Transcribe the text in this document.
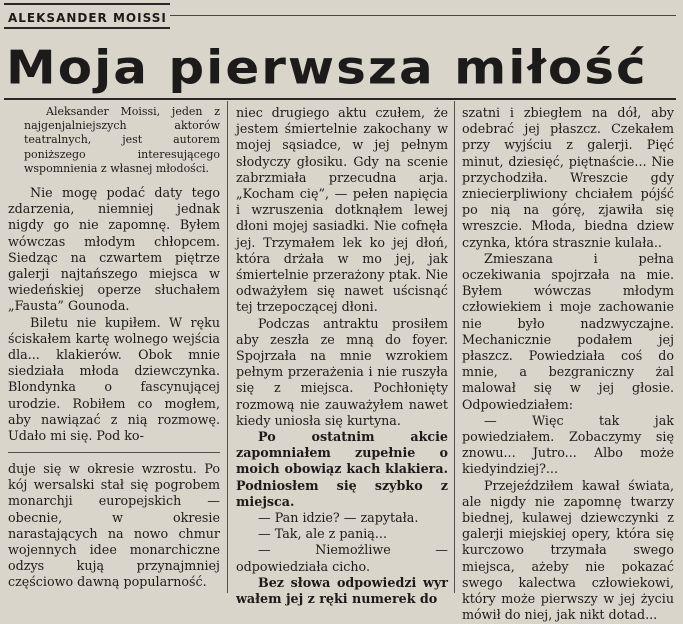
ALEKSANDER MOISSI
Moja pierwsza miłość

Aleksander Moissi, jeden z najgenjalniejszych aktorów teatralnych, jest autorem poniższego interesującego wspomnienia z własnej młodości.

Nie mogę podać daty tego zdarzenia, niemniej jednak nigdy go nie zapomnę. Byłem wówczas młodym chłopcem. Siedząc na czwartem piętrze galerji najtańszego miejsca w wiedeńskiej operze słuchałem „Fausta” Gounoda.

Biletu nie kupiłem. W ręku ściskałem kartę wolnego wejścia dla... klakierów. Obok mnie siedziała młoda dziewczynka. Blondynka o fascynującej urodzie. Robiłem co mogłem, aby nawiązać z nią rozmowę. Udało mi się. Pod ko-

duje się w okresie wzrostu. Po kój wersalski stał się pogrobem monarchji europejskich — obecnie, w okresie narastających na nowo chmur wojennych idee monarchiczne odzys kują przynajmniej częściowo dawną popularność.

niec drugiego aktu czułem, że jestem śmiertelnie zakochany w mojej sąsiadce, w jej pełnym słodyczy głosiku. Gdy na scenie zabrzmiała przecudna arja. „Kocham cię”, — pełen napięcia i wzruszenia dotknąłem lewej dłoni mojej sasiadki. Nie cofnęła jej. Trzymałem lek ko jej dłoń, która drżała w mo jej, jak śmiertelnie przerażony ptak. Nie odważyłem się nawet uścisnąć tej trzepoczącej dłoni.

Podczas antraktu prosiłem aby zeszła ze mną do foyer. Spojrzała na mnie wzrokiem pełnym przerażenia i nie ruszyła się z miejsca. Pochłonięty rozmową nie zauważyłem nawet kiedy uniosła się kurtyna.

Po ostatnim akcie zapomniałem zupełnie o moich obowiąz kach klakiera. Podniosłem się szybko z miejsca.

— Pan idzie? — zapytała.

— Tak, ale z panią...

— Niemożliwe — odpowiedziała cicho.

Bez słowa odpowiedzi wyr wałem jej z ręki numerek do

szatni i zbiegłem na dół, aby odebrać jej płaszcz. Czekałem przy wyjściu z galerji. Pięć minut, dziesięć, piętnaście... Nie przychodziła. Wreszcie gdy zniecierpliwiony chciałem pójść po nią na górę, zjawiła się wreszcie. Młoda, biedna dziew czynka, która strasznie kulała..

Zmieszana i pełna oczekiwania spojrzała na mie. Byłem wówczas młodym człowiekiem i moje zachowanie nie było nadzwyczajne. Mechanicznie podałem jej płaszcz. Powiedziała coś do mnie, a bezgraniczny żal malował się w jej głosie. Odpowiedziałem:

— Więc tak jak powiedziałem. Zobaczymy się znowu... Jutro... Albo może kiedyindziej?...

Przejeździłem kawał świata, ale nigdy nie zapomnę twarzy biednej, kulawej dziewczynki z galerji miejskiej opery, która się kurczowo trzymała swego miejsca, ażeby nie pokazać swego kalectwa człowiekowi, który może pierwszy w jej życiu mówił do niej, jak nikt dotad...
